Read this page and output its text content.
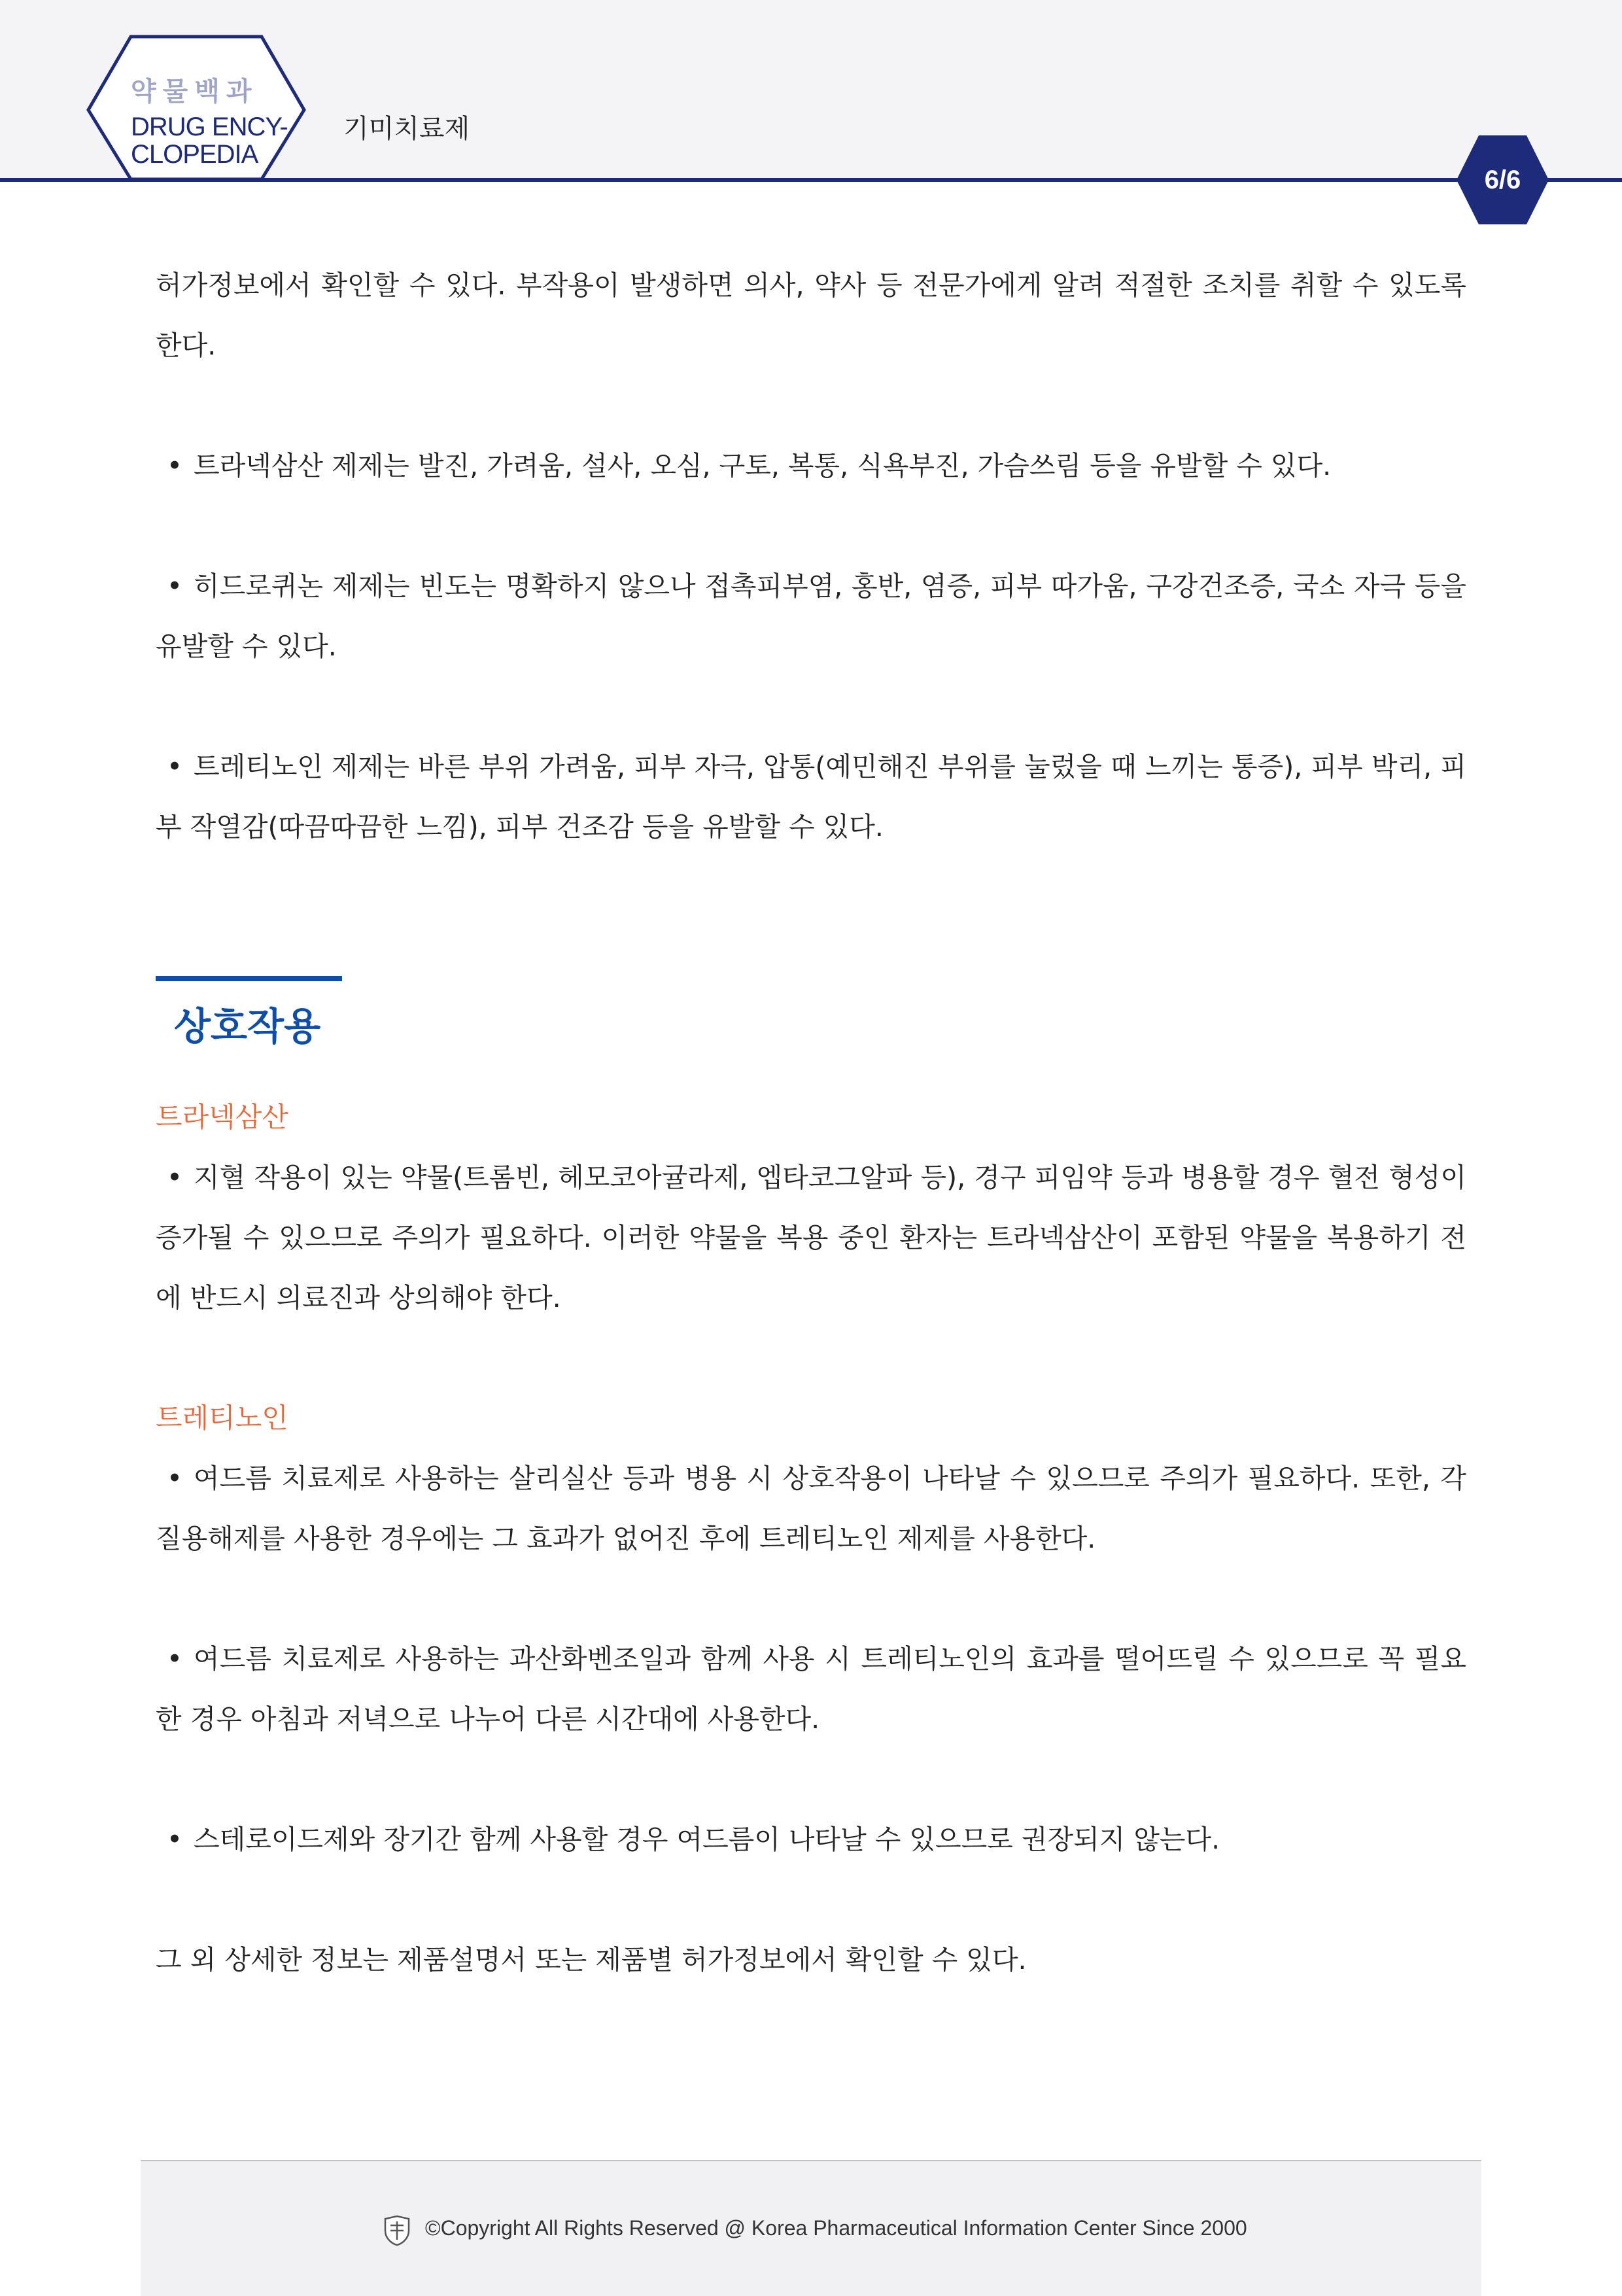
약물백과
DRUG ENCY-
CLOPEDIA
기미치료제
6/6

허가정보에서 확인할 수 있다. 부작용이 발생하면 의사, 약사 등 전문가에게 알려 적절한 조치를 취할 수 있도록 한다.

• 트라넥삼산 제제는 발진, 가려움, 설사, 오심, 구토, 복통, 식욕부진, 가슴쓰림 등을 유발할 수 있다.

• 히드로퀴논 제제는 빈도는 명확하지 않으나 접촉피부염, 홍반, 염증, 피부 따가움, 구강건조증, 국소 자극 등을 유발할 수 있다.

• 트레티노인 제제는 바른 부위 가려움, 피부 자극, 압통(예민해진 부위를 눌렀을 때 느끼는 통증), 피부 박리, 피부 작열감(따끔따끔한 느낌), 피부 건조감 등을 유발할 수 있다.

상호작용

트라넥삼산

• 지혈 작용이 있는 약물(트롬빈, 헤모코아귤라제, 엡타코그알파 등), 경구 피임약 등과 병용할 경우 혈전 형성이 증가될 수 있으므로 주의가 필요하다. 이러한 약물을 복용 중인 환자는 트라넥삼산이 포함된 약물을 복용하기 전에 반드시 의료진과 상의해야 한다.

트레티노인

• 여드름 치료제로 사용하는 살리실산 등과 병용 시 상호작용이 나타날 수 있으므로 주의가 필요하다. 또한, 각질용해제를 사용한 경우에는 그 효과가 없어진 후에 트레티노인 제제를 사용한다.

• 여드름 치료제로 사용하는 과산화벤조일과 함께 사용 시 트레티노인의 효과를 떨어뜨릴 수 있으므로 꼭 필요한 경우 아침과 저녁으로 나누어 다른 시간대에 사용한다.

• 스테로이드제와 장기간 함께 사용할 경우 여드름이 나타날 수 있으므로 권장되지 않는다.

그 외 상세한 정보는 제품설명서 또는 제품별 허가정보에서 확인할 수 있다.

©Copyright All Rights Reserved @ Korea Pharmaceutical Information Center Since 2000
